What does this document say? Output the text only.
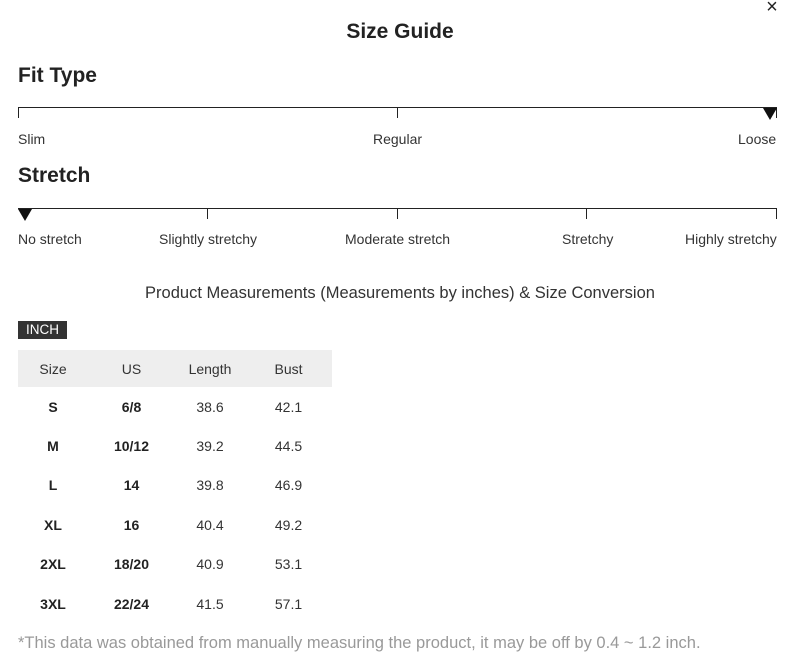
×
Size Guide
Fit Type
Slim	Regular	Loose
Stretch
No stretch	Slightly stretchy	Moderate stretch	Stretchy	Highly stretchy
Product Measurements (Measurements by inches) & Size Conversion
INCH
Size	US	Length	Bust
S	6/8	38.6	42.1
M	10/12	39.2	44.5
L	14	39.8	46.9
XL	16	40.4	49.2
2XL	18/20	40.9	53.1
3XL	22/24	41.5	57.1
*This data was obtained from manually measuring the product, it may be off by 0.4 ~ 1.2 inch.
